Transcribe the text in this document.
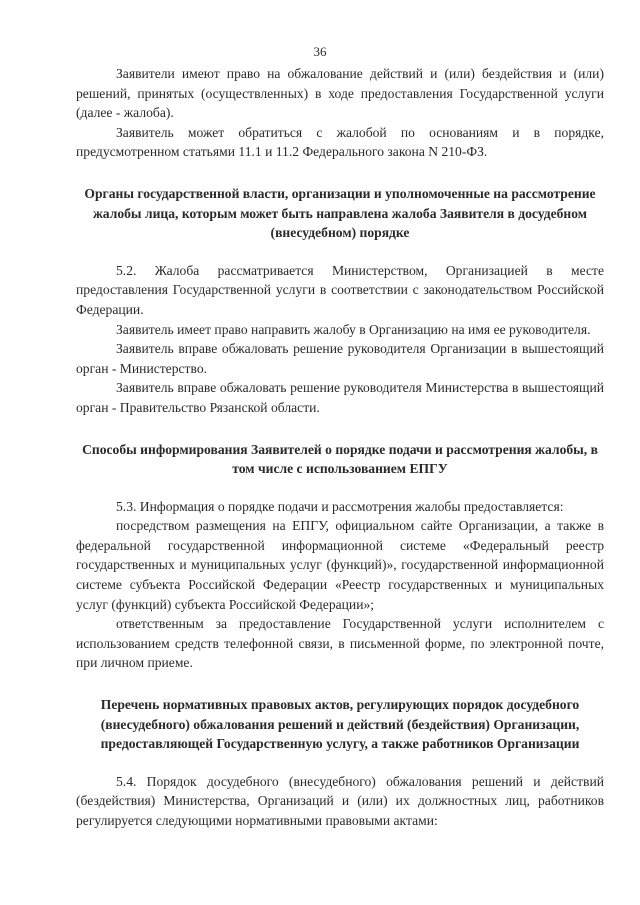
36

Заявители имеют право на обжалование действий и (или) бездействия и (или) решений, принятых (осуществленных) в ходе предоставления Государственной услуги (далее - жалоба).

Заявитель может обратиться с жалобой по основаниям и в порядке, предусмотренном статьями 11.1 и 11.2 Федерального закона N 210-ФЗ.

Органы государственной власти, организации и уполномоченные на рассмотрение жалобы лица, которым может быть направлена жалоба Заявителя в досудебном (внесудебном) порядке

5.2. Жалоба рассматривается Министерством, Организацией в месте предоставления Государственной услуги в соответствии с законодательством Российской Федерации.

Заявитель имеет право направить жалобу в Организацию на имя ее руководителя.

Заявитель вправе обжаловать решение руководителя Организации в вышестоящий орган - Министерство.

Заявитель вправе обжаловать решение руководителя Министерства в вышестоящий орган - Правительство Рязанской области.

Способы информирования Заявителей о порядке подачи и рассмотрения жалобы, в том числе с использованием ЕПГУ

5.3. Информация о порядке подачи и рассмотрения жалобы предоставляется:

посредством размещения на ЕПГУ, официальном сайте Организации, а также в федеральной государственной информационной системе «Федеральный реестр государственных и муниципальных услуг (функций)», государственной информационной системе субъекта Российской Федерации «Реестр государственных и муниципальных услуг (функций) субъекта Российской Федерации»;

ответственным за предоставление Государственной услуги исполнителем с использованием средств телефонной связи, в письменной форме, по электронной почте, при личном приеме.

Перечень нормативных правовых актов, регулирующих порядок досудебного (внесудебного) обжалования решений и действий (бездействия) Организации, предоставляющей Государственную услугу, а также работников Организации

5.4. Порядок досудебного (внесудебного) обжалования решений и действий (бездействия) Министерства, Организаций и (или) их должностных лиц, работников регулируется следующими нормативными правовыми актами:
